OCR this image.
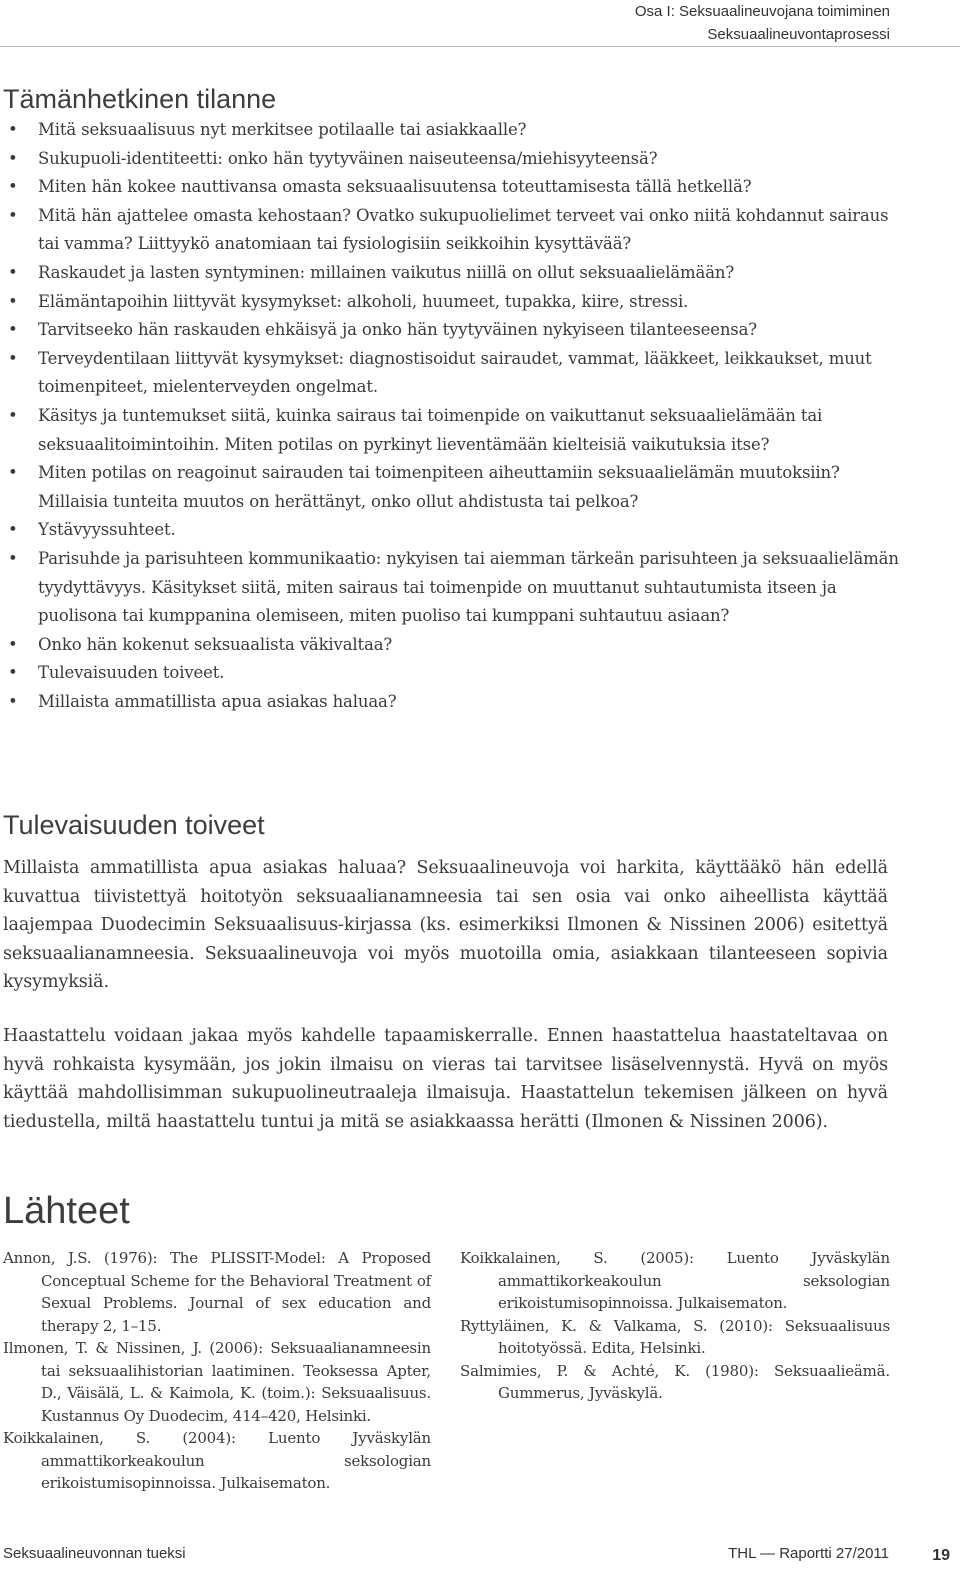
Osa I: Seksuaalineuvojana toimiminen
Seksuaalineuvontaprosessi
Tämänhetkinen tilanne
• Mitä seksuaalisuus nyt merkitsee potilaalle tai asiakkaalle?
• Sukupuoli-identiteetti: onko hän tyytyväinen naiseuteensa/miehisyyteensä?
• Miten hän kokee nauttivansa omasta seksuaalisuutensa toteuttamisesta tällä hetkellä?
• Mitä hän ajattelee omasta kehostaan? Ovatko sukupuolielimet terveet vai onko niitä kohdannut sairaus tai vamma? Liittyykö anatomiaan tai fysiologisiin seikkoihin kysyttävää?
• Raskaudet ja lasten syntyminen: millainen vaikutus niillä on ollut seksuaalielämään?
• Elämäntapoihin liittyvät kysymykset: alkoholi, huumeet, tupakka, kiire, stressi.
• Tarvitseeko hän raskauden ehkäisyä ja onko hän tyytyväinen nykyiseen tilanteeseensa?
• Terveydentilaan liittyvät kysymykset: diagnostisoidut sairaudet, vammat, lääkkeet, leikkaukset, muut toimenpiteet, mielenterveyden ongelmat.
• Käsitys ja tuntemukset siitä, kuinka sairaus tai toimenpide on vaikuttanut seksuaalielämään tai seksuaalitoimintoihin. Miten potilas on pyrkinyt lieventämään kielteisiä vaikutuksia itse?
• Miten potilas on reagoinut sairauden tai toimenpiteen aiheuttamiin seksuaalielämän muutoksiin? Millaisia tunteita muutos on herättänyt, onko ollut ahdistusta tai pelkoa?
• Ystävyyssuhteet.
• Parisuhde ja parisuhteen kommunikaatio: nykyisen tai aiemman tärkeän parisuhteen ja seksuaalielämän tyydyttävyys. Käsitykset siitä, miten sairaus tai toimenpide on muuttanut suhtautumista itseen ja puolisona tai kumppanina olemiseen, miten puoliso tai kumppani suhtautuu asiaan?
• Onko hän kokenut seksuaalista väkivaltaa?
• Tulevaisuuden toiveet.
• Millaista ammatillista apua asiakas haluaa?
Tulevaisuuden toiveet

Millaista ammatillista apua asiakas haluaa? Seksuaalineuvoja voi harkita, käyttääkö hän edellä kuvattua tiivistettyä hoitotyön seksuaalianamneesia tai sen osia vai onko aiheellista käyttää laajempaa Duodecimin Seksuaalisuus-kirjassa (ks. esimerkiksi Ilmonen & Nissinen 2006) esitettyä seksuaalianamneesia. Seksuaalineuvoja voi myös muotoilla omia, asiakkaan tilanteeseen sopivia kysymyksiä.

Haastattelu voidaan jakaa myös kahdelle tapaamiskerralle. Ennen haastattelua haastateltavaa on hyvä rohkaista kysymään, jos jokin ilmaisu on vieras tai tarvitsee lisäselvennystä. Hyvä on myös käyttää mahdollisimman sukupuolineutraaleja ilmaisuja. Haastattelun tekemisen jälkeen on hyvä tiedustella, miltä haastattelu tuntui ja mitä se asiakkaassa herätti (Ilmonen & Nissinen 2006).

Lähteet

Annon, J.S. (1976): The PLISSIT-Model: A Proposed Conceptual Scheme for the Behavioral Treatment of Sexual Problems. Journal of sex education and therapy 2, 1–15.

Ilmonen, T. & Nissinen, J. (2006): Seksuaalianamneesin tai seksuaalihistorian laatiminen. Teoksessa Apter, D., Väisälä, L. & Kaimola, K. (toim.): Seksuaalisuus. Kustannus Oy Duodecim, 414–420, Helsinki.

Koikkalainen, S. (2004): Luento Jyväskylän ammattikorkeakoulun seksologian erikoistumisopinnoissa. Julkaisematon.

Koikkalainen, S. (2005): Luento Jyväskylän ammattikorkeakoulun seksologian erikoistumisopinnoissa. Julkaisematon.

Ryttyläinen, K. & Valkama, S. (2010): Seksuaalisuus hoitotyössä. Edita, Helsinki.

Salmimies, P. & Achté, K. (1980): Seksuaalieämä. Gummerus, Jyväskylä.

Seksuaalineuvonnan tueksi	THL — Raportti 27/2011	19
